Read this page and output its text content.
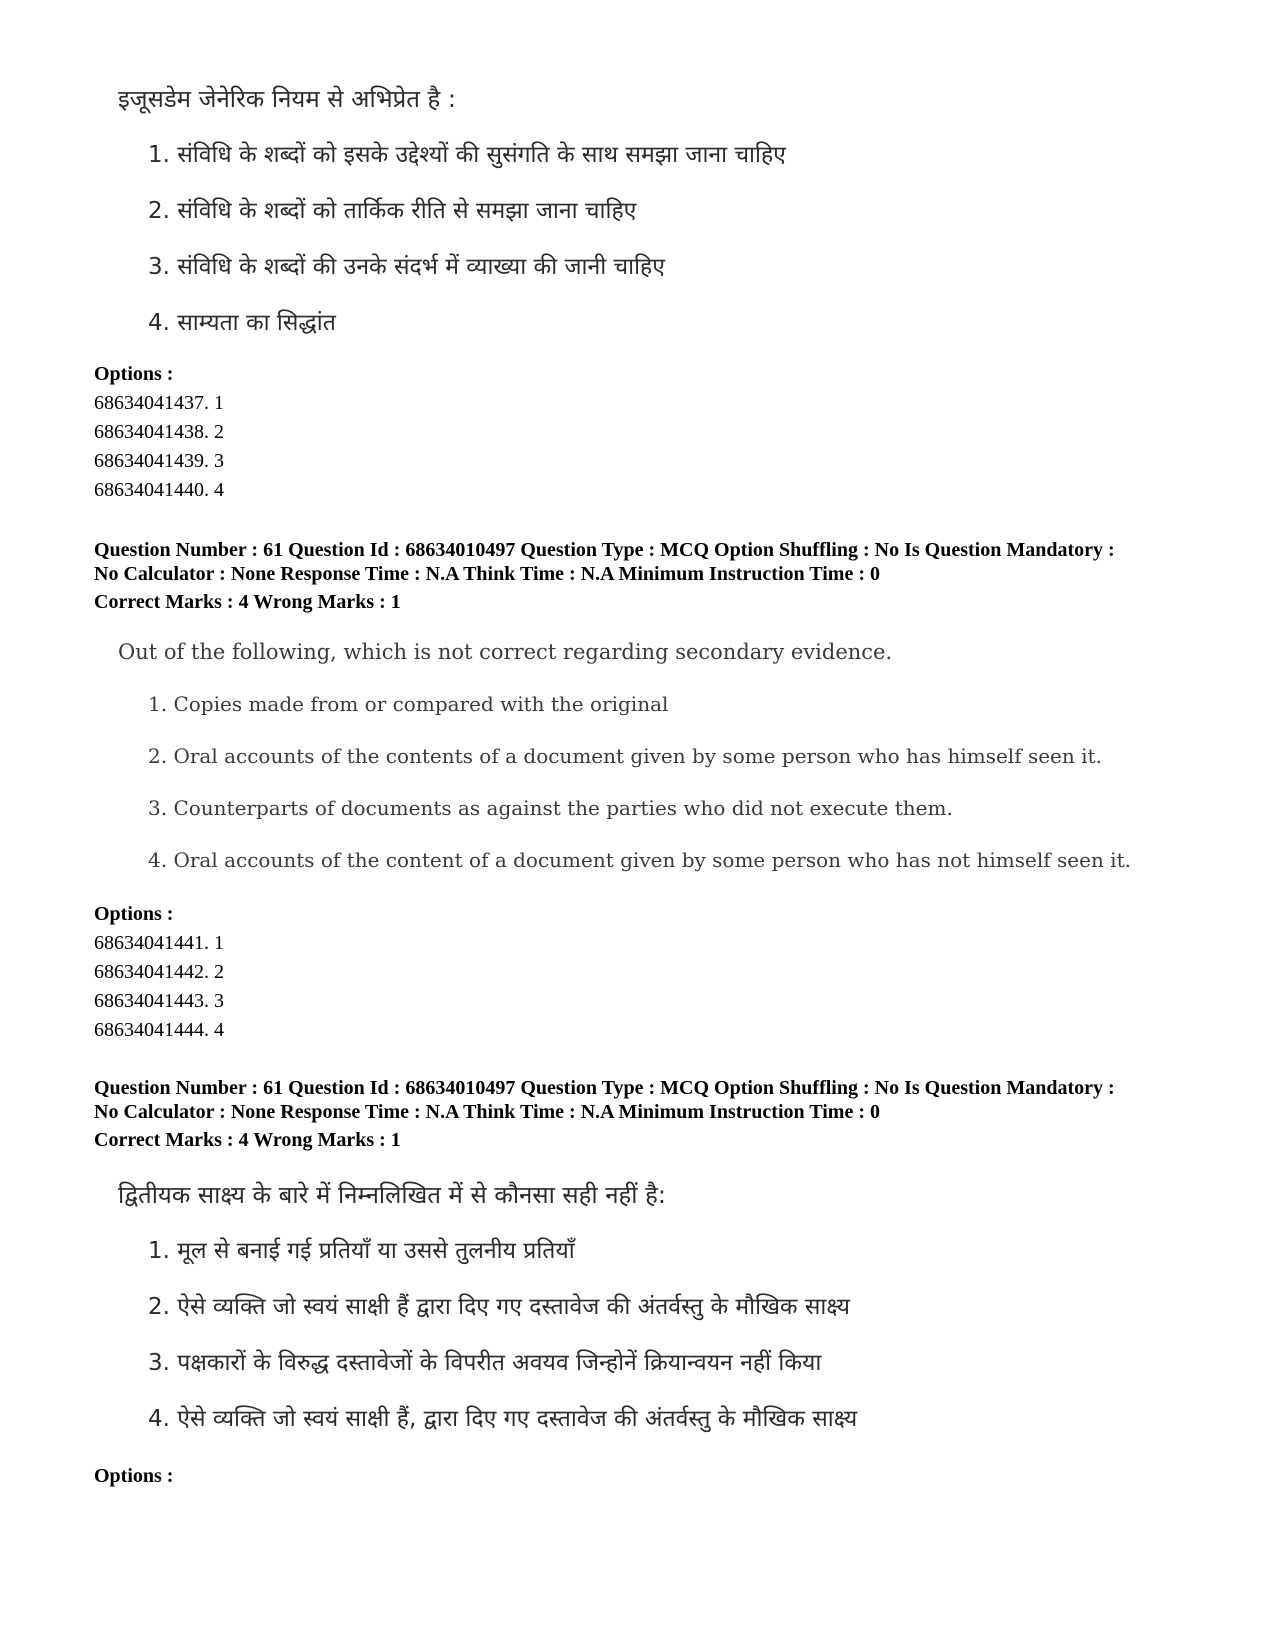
इजूसडेम जेनेरिक नियम से अभिप्रेत है :

1. संविधि के शब्दों को इसके उद्देश्यों की सुसंगति के साथ समझा जाना चाहिए

2. संविधि के शब्दों को तार्किक रीति से समझा जाना चाहिए

3. संविधि के शब्दों की उनके संदर्भ में व्याख्या की जानी चाहिए

4. साम्यता का सिद्धांत

Options :

68634041437. 1

68634041438. 2

68634041439. 3

68634041440. 4

Question Number : 61 Question Id : 68634010497 Question Type : MCQ Option Shuffling : No Is Question Mandatory :

No Calculator : None Response Time : N.A Think Time : N.A Minimum Instruction Time : 0

Correct Marks : 4 Wrong Marks : 1

Out of the following, which is not correct regarding secondary evidence.

1. Copies made from or compared with the original

2. Oral accounts of the contents of a document given by some person who has himself seen it.

3. Counterparts of documents as against the parties who did not execute them.

4. Oral accounts of the content of a document given by some person who has not himself seen it.

Options :

68634041441. 1

68634041442. 2

68634041443. 3

68634041444. 4

Question Number : 61 Question Id : 68634010497 Question Type : MCQ Option Shuffling : No Is Question Mandatory :

No Calculator : None Response Time : N.A Think Time : N.A Minimum Instruction Time : 0

Correct Marks : 4 Wrong Marks : 1

द्वितीयक साक्ष्य के बारे में निम्नलिखित में से कौनसा सही नहीं है:

1. मूल से बनाई गई प्रतियाँ या उससे तुलनीय प्रतियाँ

2. ऐसे व्यक्ति जो स्वयं साक्षी हैं द्वारा दिए गए दस्तावेज की अंतर्वस्तु के मौखिक साक्ष्य

3. पक्षकारों के विरुद्ध दस्तावेजों के विपरीत अवयव जिन्होनें क्रियान्वयन नहीं किया

4. ऐसे व्यक्ति जो स्वयं साक्षी हैं, द्वारा दिए गए दस्तावेज की अंतर्वस्तु के मौखिक साक्ष्य

Options :
